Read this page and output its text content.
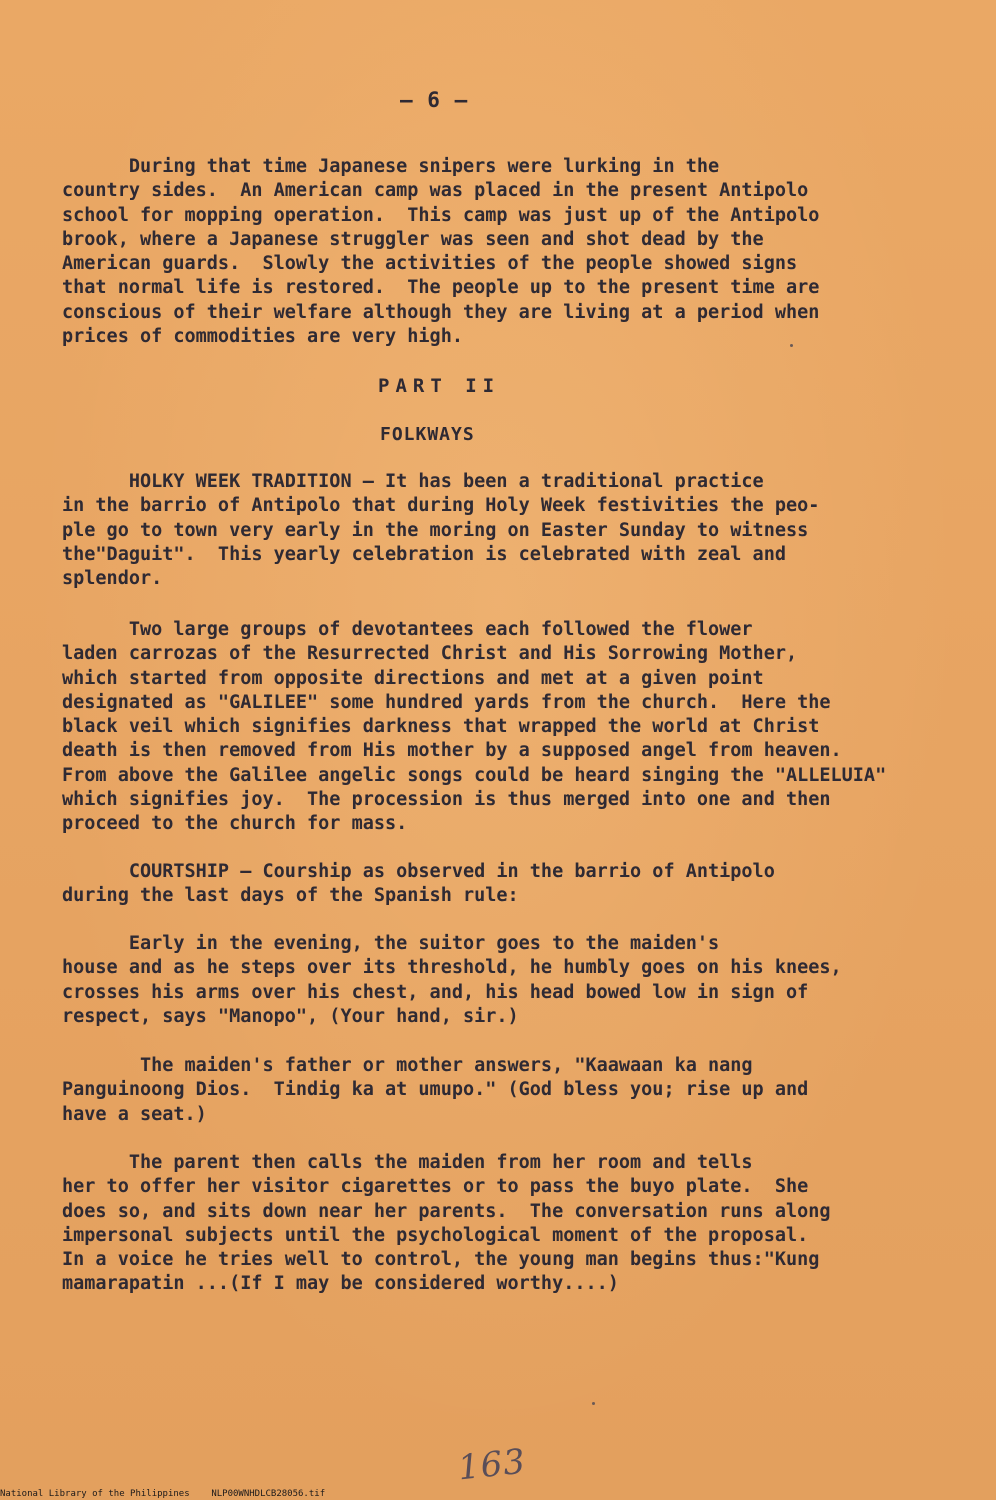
— 6 —

During that time Japanese snipers were lurking in the
country sides.  An American camp was placed in the present Antipolo
school for mopping operation.  This camp was just up of the Antipolo
brook, where a Japanese struggler was seen and shot dead by the
American guards.  Slowly the activities of the people showed signs
that normal life is restored.  The people up to the present time are
conscious of their welfare although they are living at a period when
prices of commodities are very high.

PART II
FOLKWAYS

HOLKY WEEK TRADITION — It has been a traditional practice
in the barrio of Antipolo that during Holy Week festivities the peo-
ple go to town very early in the moring on Easter Sunday to witness
the"Daguit".  This yearly celebration is celebrated with zeal and
splendor.

Two large groups of devotantees each followed the flower
laden carrozas of the Resurrected Christ and His Sorrowing Mother,
which started from opposite directions and met at a given point
designated as "GALILEE" some hundred yards from the church.  Here the
black veil which signifies darkness that wrapped the world at Christ
death is then removed from His mother by a supposed angel from heaven.
From above the Galilee angelic songs could be heard singing the "ALLELUIA"
which signifies joy.  The procession is thus merged into one and then
proceed to the church for mass.

COURTSHIP — Courship as observed in the barrio of Antipolo
during the last days of the Spanish rule:

Early in the evening, the suitor goes to the maiden's
house and as he steps over its threshold, he humbly goes on his knees,
crosses his arms over his chest, and, his head bowed low in sign of
respect, says "Manopo", (Your hand, sir.)

The maiden's father or mother answers, "Kaawaan ka nang
Panguinoong Dios.  Tindig ka at umupo." (God bless you; rise up and
have a seat.)

The parent then calls the maiden from her room and tells
her to offer her visitor cigarettes or to pass the buyo plate.  She
does so, and sits down near her parents.  The conversation runs along
impersonal subjects until the psychological moment of the proposal.
In a voice he tries well to control, the young man begins thus:"Kung
mamarapatin ...(If I may be considered worthy....)

163
National Library of the Philippines    NLP00WNHDLCB28056.tif
